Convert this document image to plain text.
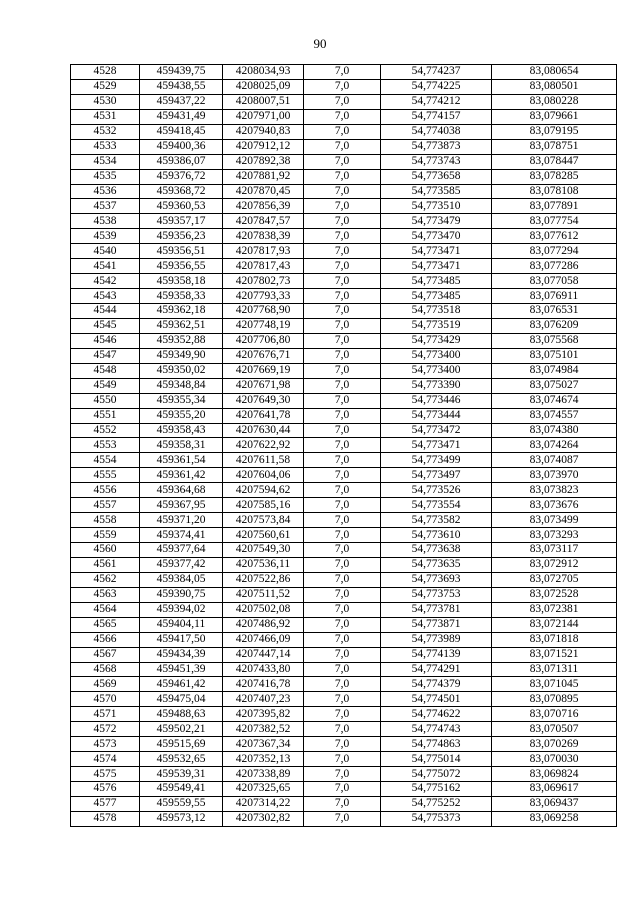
90
4528	459439,75	4208034,93	7,0	54,774237	83,080654
4529	459438,55	4208025,09	7,0	54,774225	83,080501
4530	459437,22	4208007,51	7,0	54,774212	83,080228
4531	459431,49	4207971,00	7,0	54,774157	83,079661
4532	459418,45	4207940,83	7,0	54,774038	83,079195
4533	459400,36	4207912,12	7,0	54,773873	83,078751
4534	459386,07	4207892,38	7,0	54,773743	83,078447
4535	459376,72	4207881,92	7,0	54,773658	83,078285
4536	459368,72	4207870,45	7,0	54,773585	83,078108
4537	459360,53	4207856,39	7,0	54,773510	83,077891
4538	459357,17	4207847,57	7,0	54,773479	83,077754
4539	459356,23	4207838,39	7,0	54,773470	83,077612
4540	459356,51	4207817,93	7,0	54,773471	83,077294
4541	459356,55	4207817,43	7,0	54,773471	83,077286
4542	459358,18	4207802,73	7,0	54,773485	83,077058
4543	459358,33	4207793,33	7,0	54,773485	83,076911
4544	459362,18	4207768,90	7,0	54,773518	83,076531
4545	459362,51	4207748,19	7,0	54,773519	83,076209
4546	459352,88	4207706,80	7,0	54,773429	83,075568
4547	459349,90	4207676,71	7,0	54,773400	83,075101
4548	459350,02	4207669,19	7,0	54,773400	83,074984
4549	459348,84	4207671,98	7,0	54,773390	83,075027
4550	459355,34	4207649,30	7,0	54,773446	83,074674
4551	459355,20	4207641,78	7,0	54,773444	83,074557
4552	459358,43	4207630,44	7,0	54,773472	83,074380
4553	459358,31	4207622,92	7,0	54,773471	83,074264
4554	459361,54	4207611,58	7,0	54,773499	83,074087
4555	459361,42	4207604,06	7,0	54,773497	83,073970
4556	459364,68	4207594,62	7,0	54,773526	83,073823
4557	459367,95	4207585,16	7,0	54,773554	83,073676
4558	459371,20	4207573,84	7,0	54,773582	83,073499
4559	459374,41	4207560,61	7,0	54,773610	83,073293
4560	459377,64	4207549,30	7,0	54,773638	83,073117
4561	459377,42	4207536,11	7,0	54,773635	83,072912
4562	459384,05	4207522,86	7,0	54,773693	83,072705
4563	459390,75	4207511,52	7,0	54,773753	83,072528
4564	459394,02	4207502,08	7,0	54,773781	83,072381
4565	459404,11	4207486,92	7,0	54,773871	83,072144
4566	459417,50	4207466,09	7,0	54,773989	83,071818
4567	459434,39	4207447,14	7,0	54,774139	83,071521
4568	459451,39	4207433,80	7,0	54,774291	83,071311
4569	459461,42	4207416,78	7,0	54,774379	83,071045
4570	459475,04	4207407,23	7,0	54,774501	83,070895
4571	459488,63	4207395,82	7,0	54,774622	83,070716
4572	459502,21	4207382,52	7,0	54,774743	83,070507
4573	459515,69	4207367,34	7,0	54,774863	83,070269
4574	459532,65	4207352,13	7,0	54,775014	83,070030
4575	459539,31	4207338,89	7,0	54,775072	83,069824
4576	459549,41	4207325,65	7,0	54,775162	83,069617
4577	459559,55	4207314,22	7,0	54,775252	83,069437
4578	459573,12	4207302,82	7,0	54,775373	83,069258
